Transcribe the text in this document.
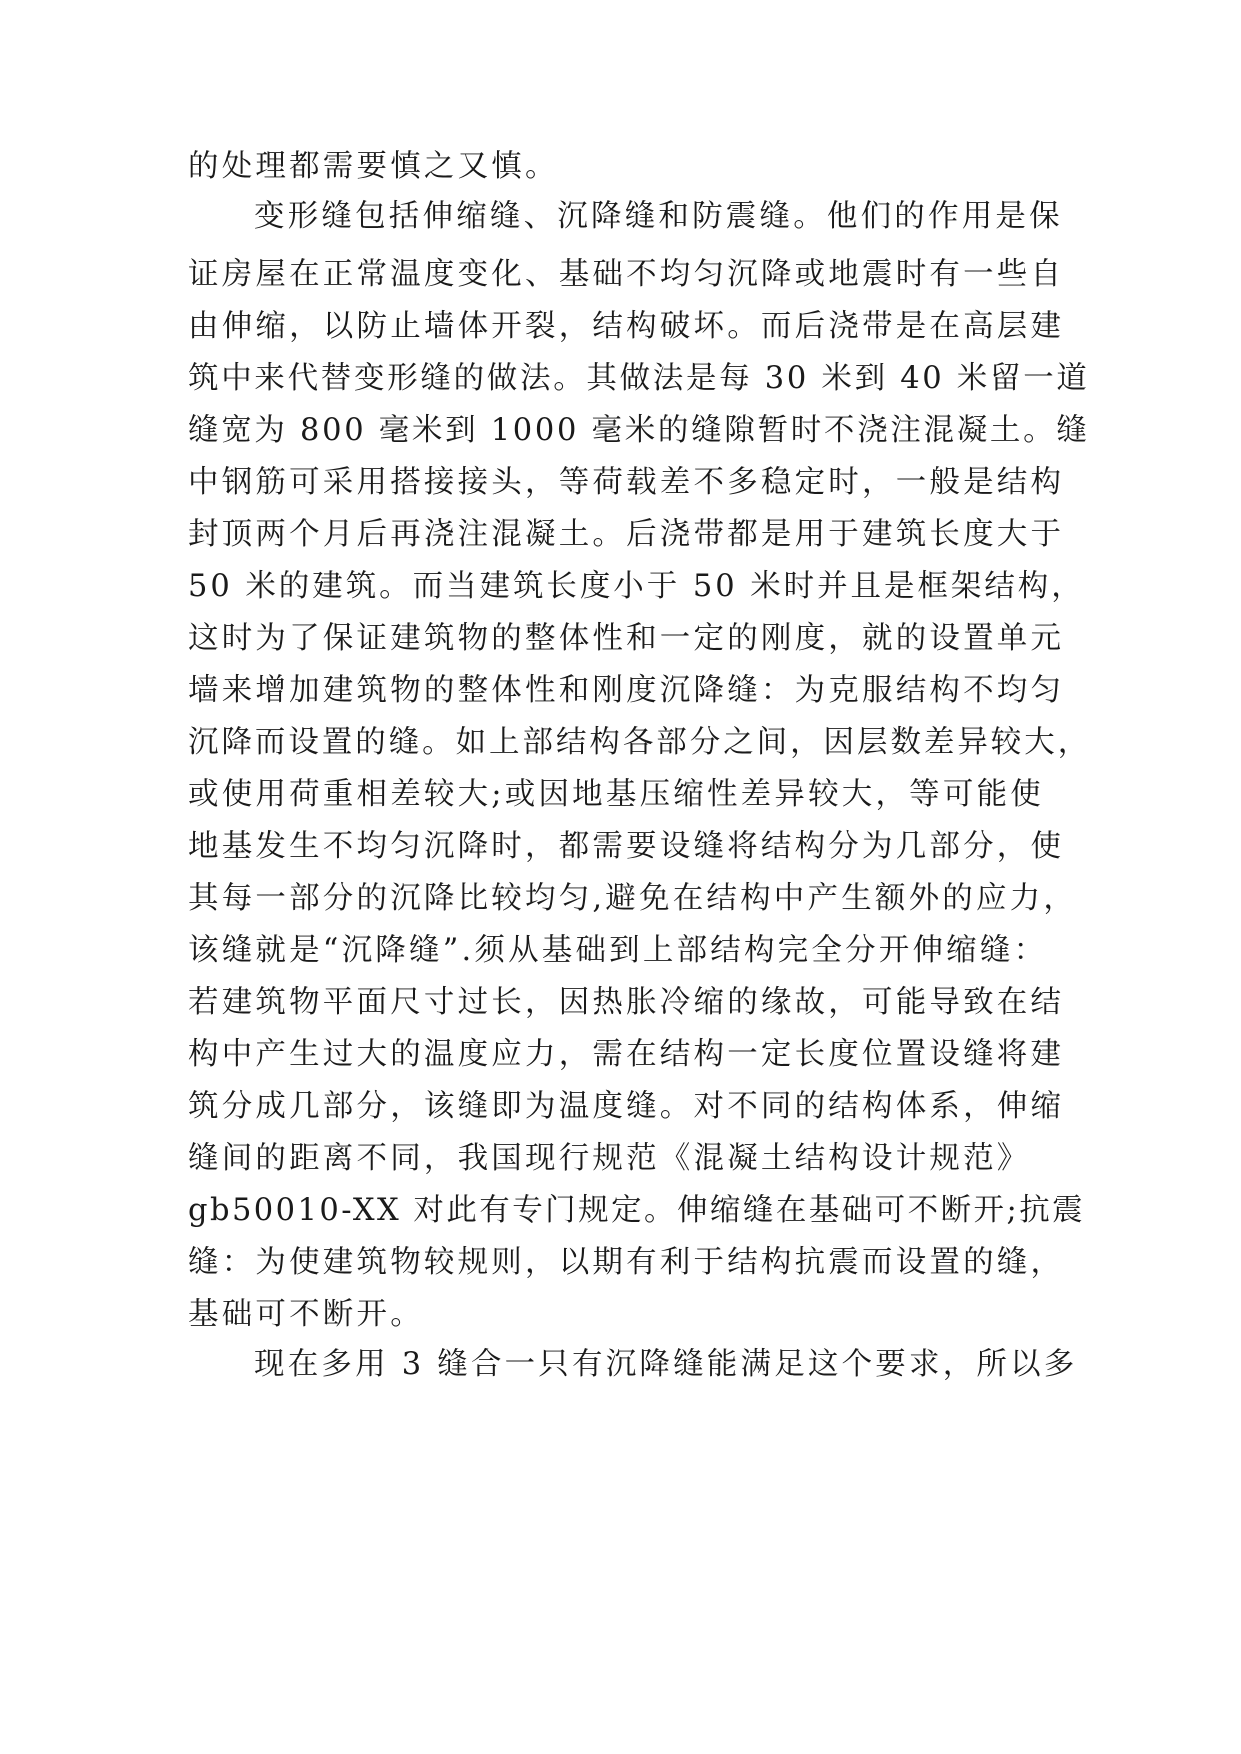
的处理都需要慎之又慎。
变形缝包括伸缩缝、沉降缝和防震缝。他们的作用是保
证房屋在正常温度变化、基础不均匀沉降或地震时有一些自
由伸缩，以防止墙体开裂，结构破坏。而后浇带是在高层建
筑中来代替变形缝的做法。其做法是每 30 米到 40 米留一道
缝宽为 800 毫米到 1000 毫米的缝隙暂时不浇注混凝土。缝
中钢筋可采用搭接接头，等荷载差不多稳定时，一般是结构
封顶两个月后再浇注混凝土。后浇带都是用于建筑长度大于
50 米的建筑。而当建筑长度小于 50 米时并且是框架结构，
这时为了保证建筑物的整体性和一定的刚度，就的设置单元
墙来增加建筑物的整体性和刚度沉降缝：为克服结构不均匀
沉降而设置的缝。如上部结构各部分之间，因层数差异较大，
或使用荷重相差较大;或因地基压缩性差异较大，等可能使
地基发生不均匀沉降时，都需要设缝将结构分为几部分，使
其每一部分的沉降比较均匀,避免在结构中产生额外的应力，
该缝就是“沉降缝”.须从基础到上部结构完全分开伸缩缝：
若建筑物平面尺寸过长，因热胀冷缩的缘故，可能导致在结
构中产生过大的温度应力，需在结构一定长度位置设缝将建
筑分成几部分，该缝即为温度缝。对不同的结构体系，伸缩
缝间的距离不同，我国现行规范《混凝土结构设计规范》
gb50010-XX 对此有专门规定。伸缩缝在基础可不断开;抗震
缝：为使建筑物较规则，以期有利于结构抗震而设置的缝，
基础可不断开。
现在多用 3 缝合一只有沉降缝能满足这个要求，所以多
